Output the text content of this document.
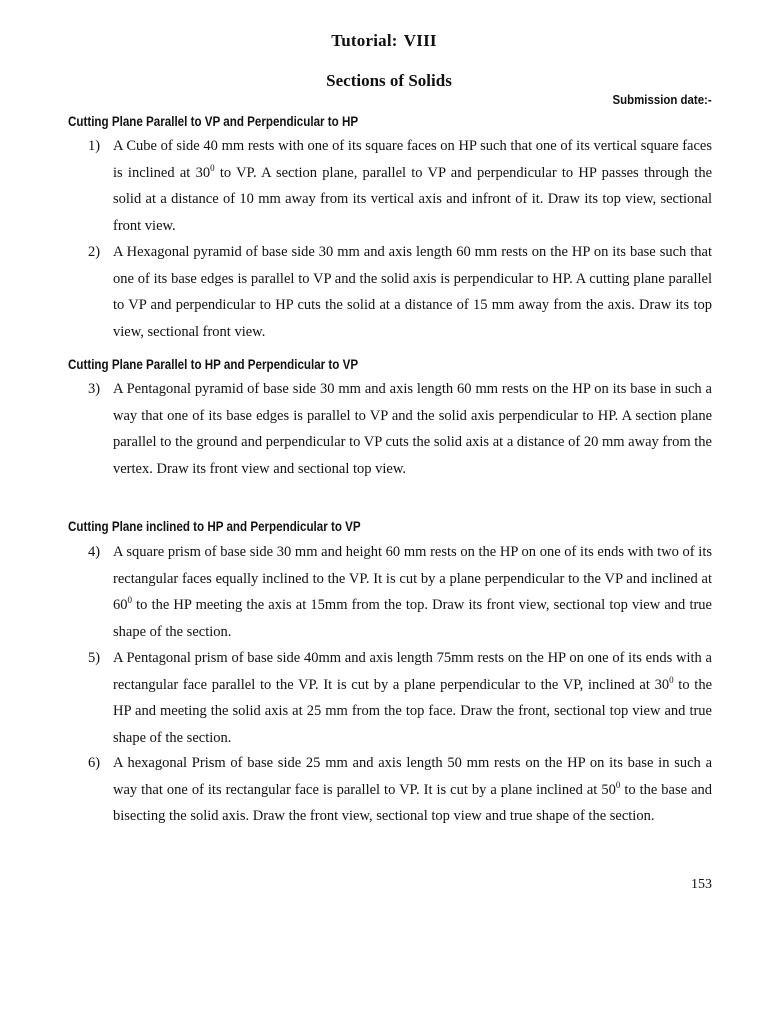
Tutorial: VIII
Sections of Solids
Submission date:-
Cutting Plane Parallel to VP and Perpendicular to HP
1) A Cube of side 40 mm rests with one of its square faces on HP such that one of its vertical square faces is inclined at $30^0$ to VP. A section plane, parallel to VP and perpendicular to HP passes through the solid at a distance of 10 mm away from its vertical axis and infront of it. Draw its top view, sectional front view.
2) A Hexagonal pyramid of base side 30 mm and axis length 60 mm rests on the HP on its base such that one of its base edges is parallel to VP and the solid axis is perpendicular to HP. A cutting plane parallel to VP and perpendicular to HP cuts the solid at a distance of 15 mm away from the axis. Draw its top view, sectional front view.
Cutting Plane Parallel to HP and Perpendicular to VP
3) A Pentagonal pyramid of base side 30 mm and axis length 60 mm rests on the HP on its base in such a way that one of its base edges is parallel to VP and the solid axis perpendicular to HP. A section plane parallel to the ground and perpendicular to VP cuts the solid axis at a distance of 20 mm away from the vertex. Draw its front view and sectional top view.
Cutting Plane inclined to HP and Perpendicular to VP
4) A square prism of base side 30 mm and height 60 mm rests on the HP on one of its ends with two of its rectangular faces equally inclined to the VP. It is cut by a plane perpendicular to the VP and inclined at $60^0$ to the HP meeting the axis at 15mm from the top. Draw its front view, sectional top view and true shape of the section.
5) A Pentagonal prism of base side 40mm and axis length 75mm rests on the HP on one of its ends with a rectangular face parallel to the VP. It is cut by a plane perpendicular to the VP, inclined at $30^0$ to the HP and meeting the solid axis at 25 mm from the top face. Draw the front, sectional top view and true shape of the section.
6) A hexagonal Prism of base side 25 mm and axis length 50 mm rests on the HP on its base in such a way that one of its rectangular face is parallel to VP. It is cut by a plane inclined at $50^0$ to the base and bisecting the solid axis. Draw the front view, sectional top view and true shape of the section.
153
